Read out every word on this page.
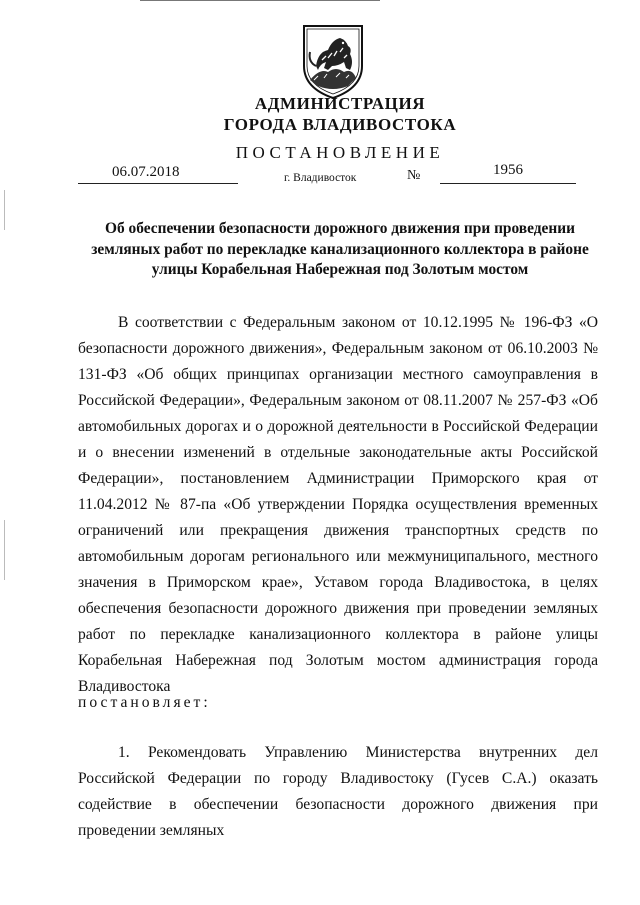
АДМИНИСТРАЦИЯ
ГОРОДА ВЛАДИВОСТОКА
ПОСТАНОВЛЕНИЕ
06.07.2018	г. Владивосток	№	1956
Об обеспечении безопасности дорожного движения при проведении земляных работ по перекладке канализационного коллектора в районе улицы Корабельная Набережная под Золотым мостом
В соответствии с Федеральным законом от 10.12.1995 № 196-ФЗ «О безопасности дорожного движения», Федеральным законом от 06.10.2003 № 131-ФЗ «Об общих принципах организации местного самоуправления в Российской Федерации», Федеральным законом от 08.11.2007 № 257-ФЗ «Об автомобильных дорогах и о дорожной деятельности в Российской Федерации и о внесении изменений в отдельные законодательные акты Российской Федерации», постановлением Администрации Приморского края от 11.04.2012 № 87-па «Об утверждении Порядка осуществления временных ограничений или прекращения движения транспортных средств по автомобильным дорогам регионального или межмуниципального, местного значения в Приморском крае», Уставом города Владивостока, в целях обеспечения безопасности дорожного движения при проведении земляных работ по перекладке канализационного коллектора в районе улицы Корабельная Набережная под Золотым мостом администрация города Владивостока
постановляет:
1. Рекомендовать Управлению Министерства внутренних дел Российской Федерации по городу Владивостоку (Гусев С.А.) оказать содействие в обеспечении безопасности дорожного движения при проведении земляных
